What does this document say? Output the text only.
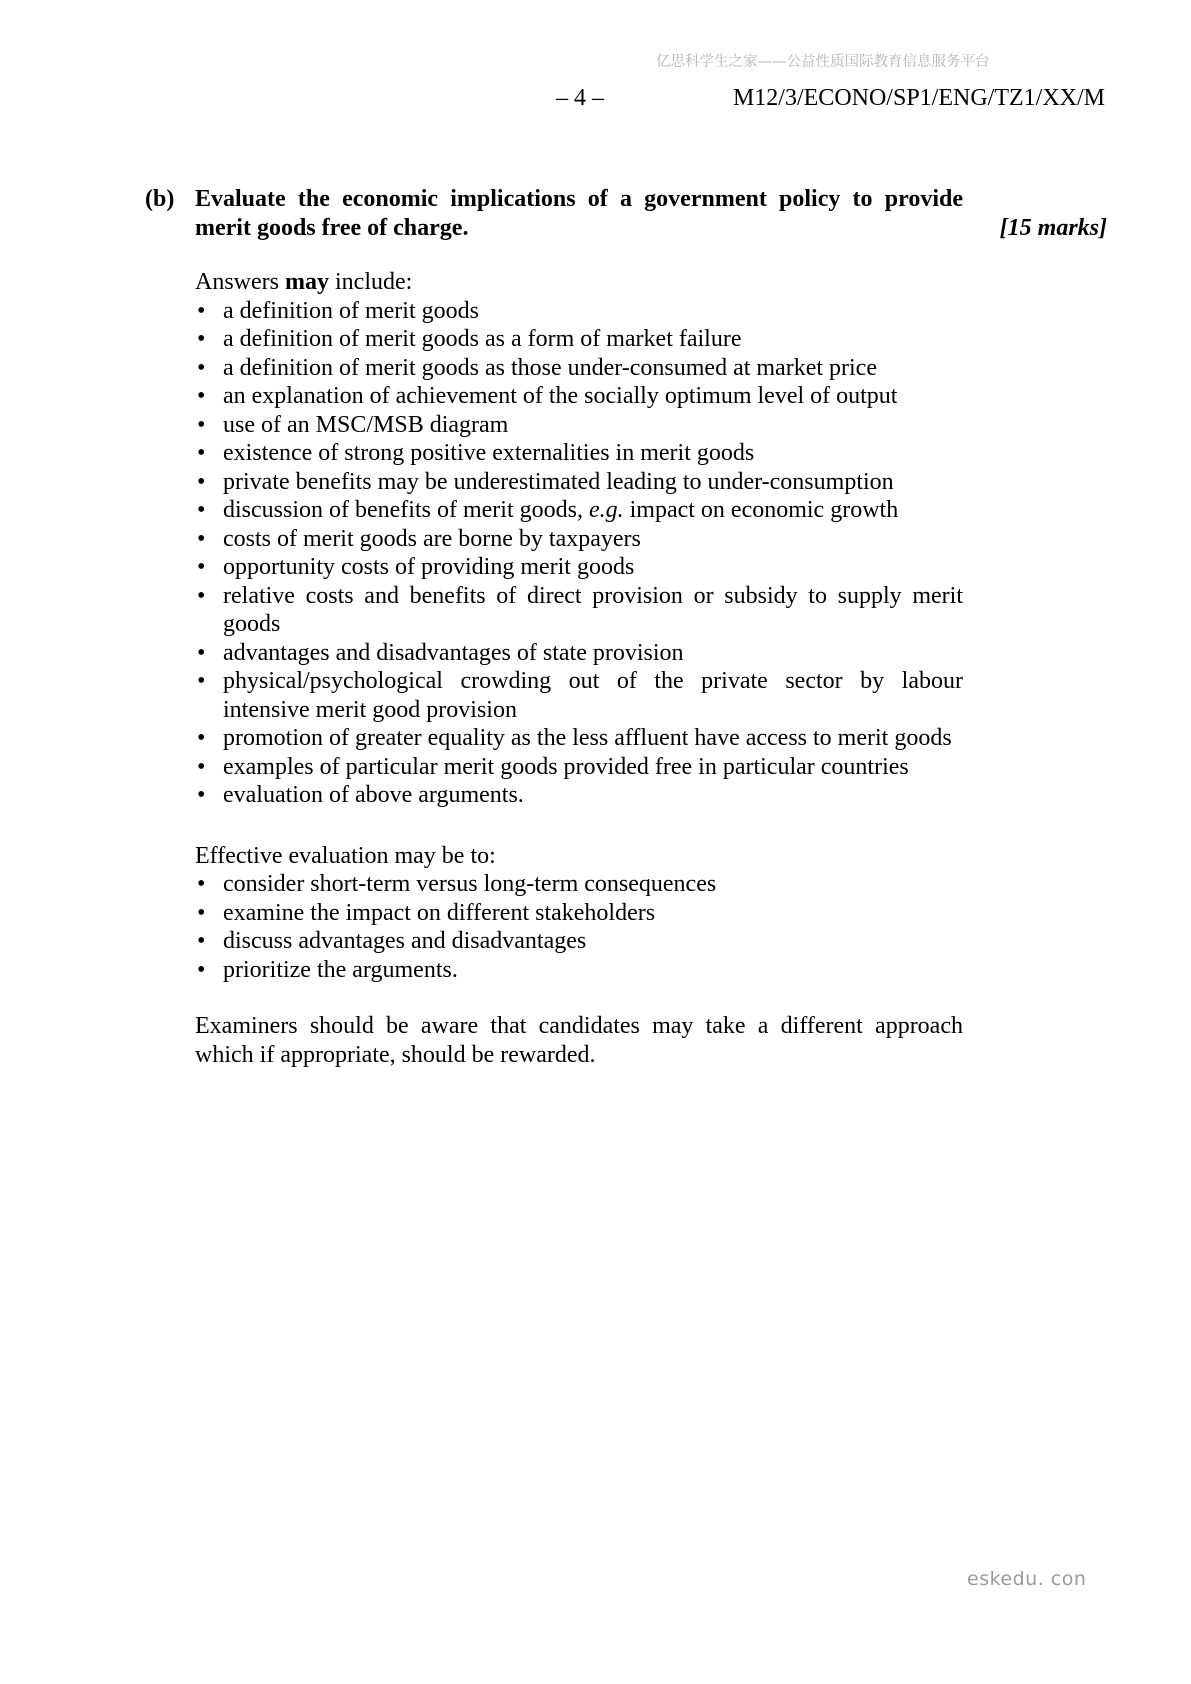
亿思科学生之家——公益性质国际教育信息服务平台
– 4 –	M12/3/ECONO/SP1/ENG/TZ1/XX/M
(b) Evaluate the economic implications of a government policy to provide merit goods free of charge.	[15 marks]
Answers may include:
• a definition of merit goods
• a definition of merit goods as a form of market failure
• a definition of merit goods as those under-consumed at market price
• an explanation of achievement of the socially optimum level of output
• use of an MSC/MSB diagram
• existence of strong positive externalities in merit goods
• private benefits may be underestimated leading to under-consumption
• discussion of benefits of merit goods, e.g. impact on economic growth
• costs of merit goods are borne by taxpayers
• opportunity costs of providing merit goods
• relative costs and benefits of direct provision or subsidy to supply merit goods
• advantages and disadvantages of state provision
• physical/psychological crowding out of the private sector by labour intensive merit good provision
• promotion of greater equality as the less affluent have access to merit goods
• examples of particular merit goods provided free in particular countries
• evaluation of above arguments.
Effective evaluation may be to:
• consider short-term versus long-term consequences
• examine the impact on different stakeholders
• discuss advantages and disadvantages
• prioritize the arguments.
Examiners should be aware that candidates may take a different approach which if appropriate, should be rewarded.
eskedu. con
